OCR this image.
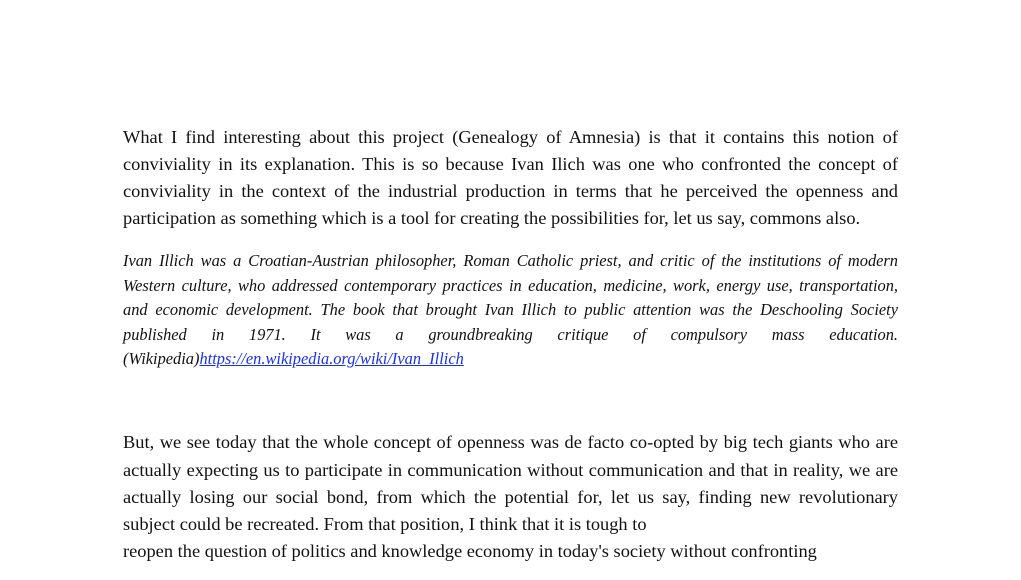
What I find interesting about this project (Genealogy of Amnesia) is that it contains this notion of conviviality in its explanation. This is so because Ivan Ilich was one who confronted the concept of conviviality in the context of the industrial production in terms that he perceived the openness and participation as something which is a tool for creating the possibilities for, let us say, commons also.

Ivan Illich was a Croatian-Austrian philosopher, Roman Catholic priest, and critic of the institutions of modern Western culture, who addressed contemporary practices in education, medicine, work, energy use, transportation, and economic development. The book that brought Ivan Illich to public attention was the Deschooling Society published in 1971. It was a groundbreaking critique of compulsory mass education. (Wikipedia)https://en.wikipedia.org/wiki/Ivan_Illich

But, we see today that the whole concept of openness was de facto co-opted by big tech giants who are actually expecting us to participate in communication without communication and that in reality, we are actually losing our social bond, from which the potential for, let us say, finding new revolutionary subject could be recreated. From that position, I think that it is tough to
reopen the question of politics and knowledge economy in today's society without confronting
